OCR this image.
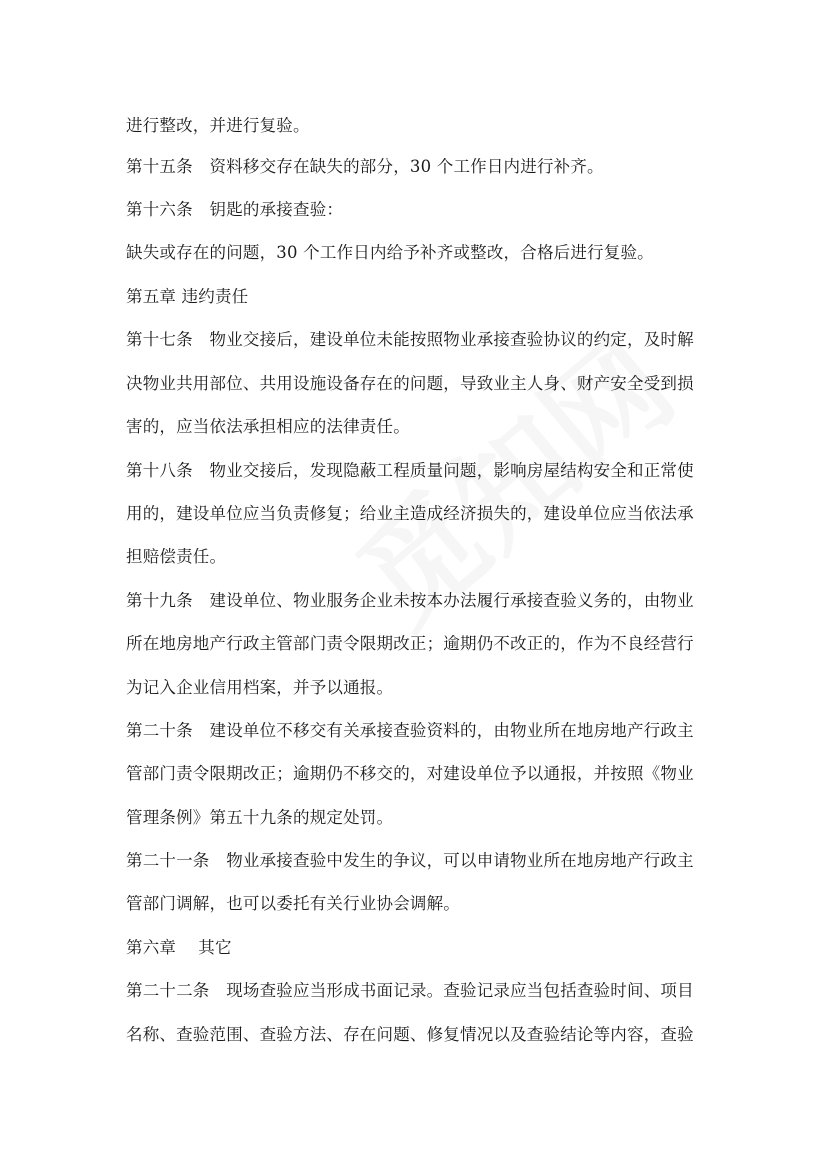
进行整改，并进行复验。
第十五条　资料移交存在缺失的部分，30 个工作日内进行补齐。
第十六条　钥匙的承接查验：
缺失或存在的问题，30 个工作日内给予补齐或整改，合格后进行复验。
第五章 违约责任
第十七条　物业交接后，建设单位未能按照物业承接查验协议的约定，及时解
决物业共用部位、共用设施设备存在的问题，导致业主人身、财产安全受到损
害的，应当依法承担相应的法律责任。
第十八条　物业交接后，发现隐蔽工程质量问题，影响房屋结构安全和正常使
用的，建设单位应当负责修复；给业主造成经济损失的，建设单位应当依法承
担赔偿责任。
第十九条　建设单位、物业服务企业未按本办法履行承接查验义务的，由物业
所在地房地产行政主管部门责令限期改正；逾期仍不改正的，作为不良经营行
为记入企业信用档案，并予以通报。
第二十条　建设单位不移交有关承接查验资料的，由物业所在地房地产行政主
管部门责令限期改正；逾期仍不移交的，对建设单位予以通报，并按照《物业
管理条例》第五十九条的规定处罚。
第二十一条　物业承接查验中发生的争议，可以申请物业所在地房地产行政主
管部门调解，也可以委托有关行业协会调解。
第六章　 其它
第二十二条　现场查验应当形成书面记录。查验记录应当包括查验时间、项目
名称、查验范围、查验方法、存在问题、修复情况以及查验结论等内容，查验
